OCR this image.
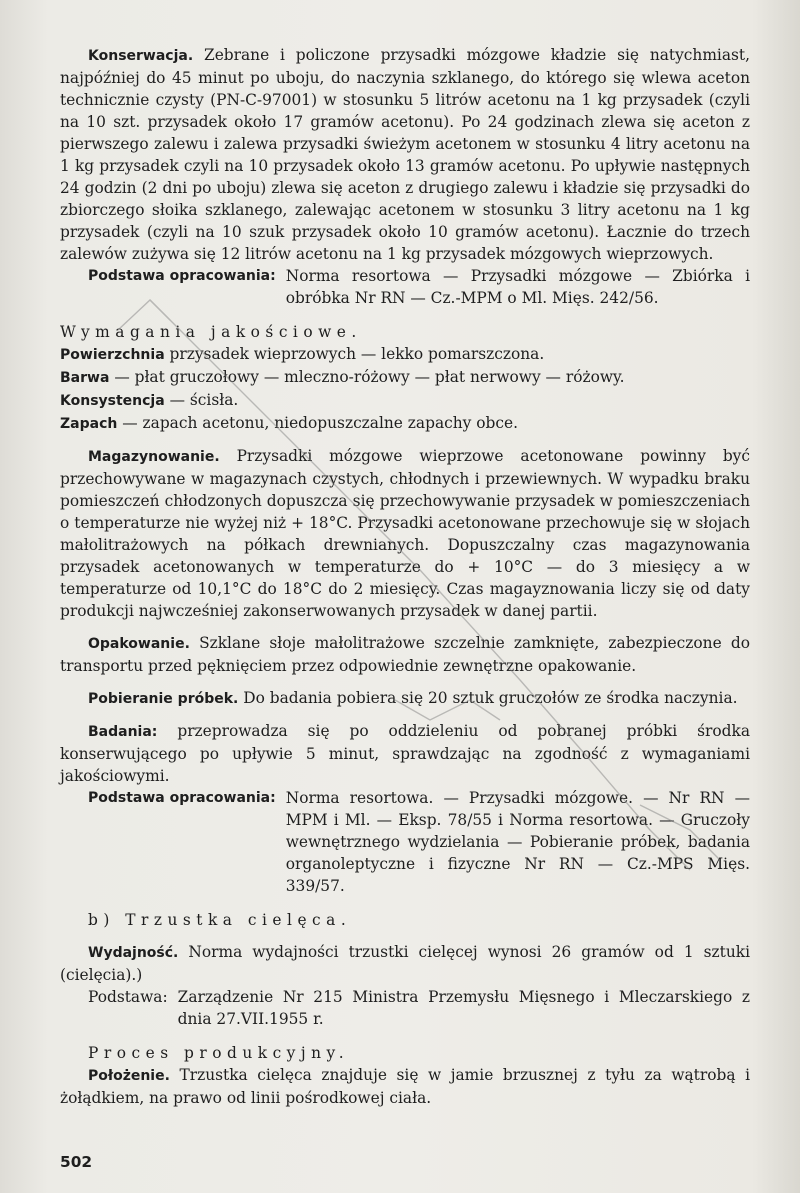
Konserwacja. Zebrane i policzone przysadki mózgowe kładzie się natychmiast, najpóźniej do 45 minut po uboju, do naczynia szklanego, do którego się wlewa aceton technicznie czysty (PN-C-97001) w stosunku 5 litrów acetonu na 1 kg przysadek (czyli na 10 szt. przysadek około 17 gramów acetonu). Po 24 godzinach zlewa się aceton z pierwszego zalewu i zalewa przysadki świeżym acetonem w stosunku 4 litry acetonu na 1 kg przysadek czyli na 10 przysadek około 13 gramów acetonu. Po upływie następnych 24 godzin (2 dni po uboju) zlewa się aceton z drugiego zalewu i kładzie się przysadki do zbiorczego słoika szklanego, zalewając acetonem w stosunku 3 litry acetonu na 1 kg przysadek (czyli na 10 szuk przysadek około 10 gramów acetonu). Łacznie do trzech zalewów zużywa się 12 litrów acetonu na 1 kg przysadek mózgowych wieprzowych.

Podstawa opracowania: Norma resortowa — Przysadki mózgowe — Zbiórka i obróbka Nr RN — Cz.-MPM o Ml. Mięs. 242/56.

Wymagania jakościowe.

Powierzchnia przysadek wieprzowych — lekko pomarszczona.

Barwa — płat gruczołowy — mleczno-różowy — płat nerwowy — różowy.

Konsystencja — ścisła.

Zapach — zapach acetonu, niedopuszczalne zapachy obce.

Magazynowanie. Przysadki mózgowe wieprzowe acetonowane powinny być przechowywane w magazynach czystych, chłodnych i przewiewnych. W wypadku braku pomieszczeń chłodzonych dopuszcza się przechowywanie przysadek w pomieszczeniach o temperaturze nie wyżej niż + 18°C. Przysadki acetonowane przechowuje się w słojach małolitrażowych na półkach drewnianych. Dopuszczalny czas magazynowania przysadek acetonowanych w temperaturze do + 10°C — do 3 miesięcy a w temperaturze od 10,1°C do 18°C do 2 miesięcy. Czas magayznowania liczy się od daty produkcji najwcześniej zakonserwowanych przysadek w danej partii.

Opakowanie. Szklane słoje małolitrażowe szczelnie zamknięte, zabezpieczone do transportu przed pęknięciem przez odpowiednie zewnętrzne opakowanie.

Pobieranie próbek. Do badania pobiera się 20 sztuk gruczołów ze środka naczynia.

Badania: przeprowadza się po oddzieleniu od pobranej próbki środka konserwującego po upływie 5 minut, sprawdzając na zgodność z wymaganiami jakościowymi.

Podstawa opracowania: Norma resortowa. — Przysadki mózgowe. — Nr RN — MPM i Ml. — Eksp. 78/55 i Norma resortowa. — Gruczoły wewnętrznego wydzielania — Pobieranie próbek, badania organoleptyczne i fizyczne Nr RN — Cz.-MPS Mięs. 339/57.

b) Trzustka cielęca.

Wydajność. Norma wydajności trzustki cielęcej wynosi 26 gramów od 1 sztuki (cielęcia).)

Podstawa: Zarządzenie Nr 215 Ministra Przemysłu Mięsnego i Mleczarskiego z dnia 27.VII.1955 r.

Proces produkcyjny.

Położenie. Trzustka cielęca znajduje się w jamie brzusznej z tyłu za wątrobą i żołądkiem, na prawo od linii pośrodkowej ciała.

502
